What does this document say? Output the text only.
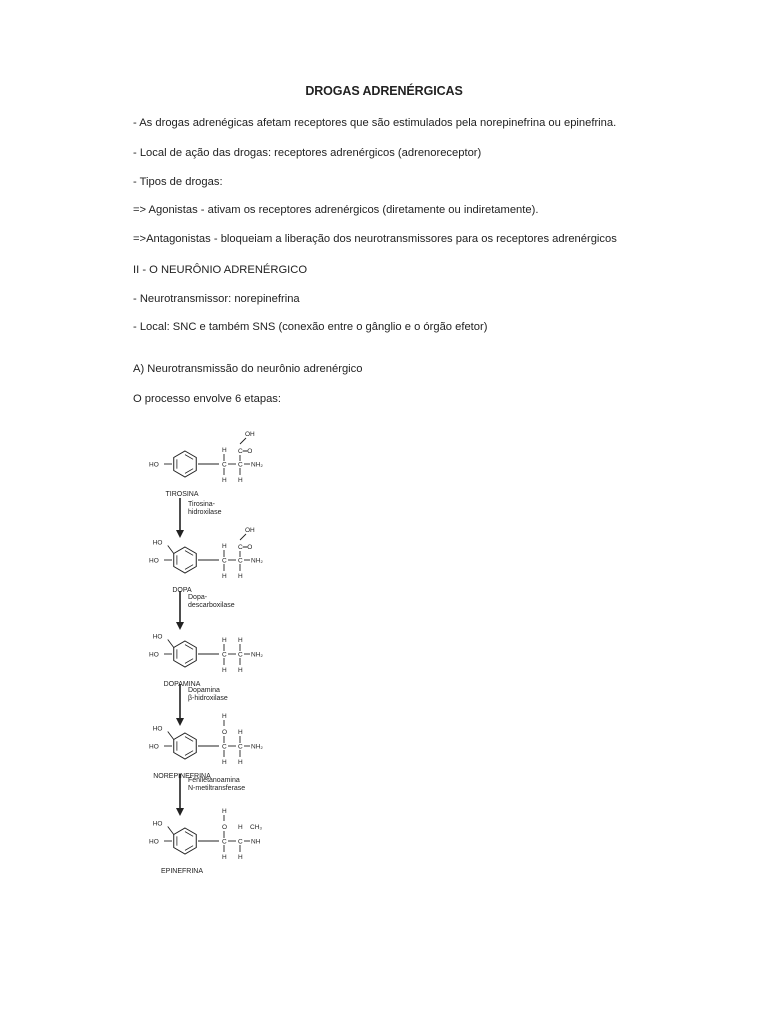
DROGAS ADRENÉRGICAS
- As drogas adrenégicas afetam receptores que são estimulados pela norepinefrina ou epinefrina.
- Local de ação das drogas: receptores adrenérgicos (adrenoreceptor)
- Tipos de drogas:
=> Agonistas - ativam os receptores adrenérgicos (diretamente ou indiretamente).
=>Antagonistas - bloqueiam a liberação dos neurotransmissores para os receptores adrenérgicos
II - O NEURÔNIO ADRENÉRGICO
- Neurotransmissor: norepinefrina
- Local: SNC e também SNS (conexão entre o gânglio e o órgão efetor)
A) Neurotransmissão do neurônio adrenérgico
O processo envolve 6 etapas:
HO	C C
H H
H
NH₂
C═O
OH
TIROSINA
HO
HO
C C
H H
H
NH₂
C═O
OH
DOPA
HO
HO
C C
H H
H
NH₂
H
DOPAMINA
HO
HO
C C
H H
O
H
NH₂
H
NOREPINEFRINA
HO
HO
C C
H H
O
H
NH
H CH₃
EPINEFRINA
Tirosina-
hidroxilase
Dopa-
descarboxilase
Dopamina
β-hidroxilase
Feniletanoamina
N-metiltransferase
